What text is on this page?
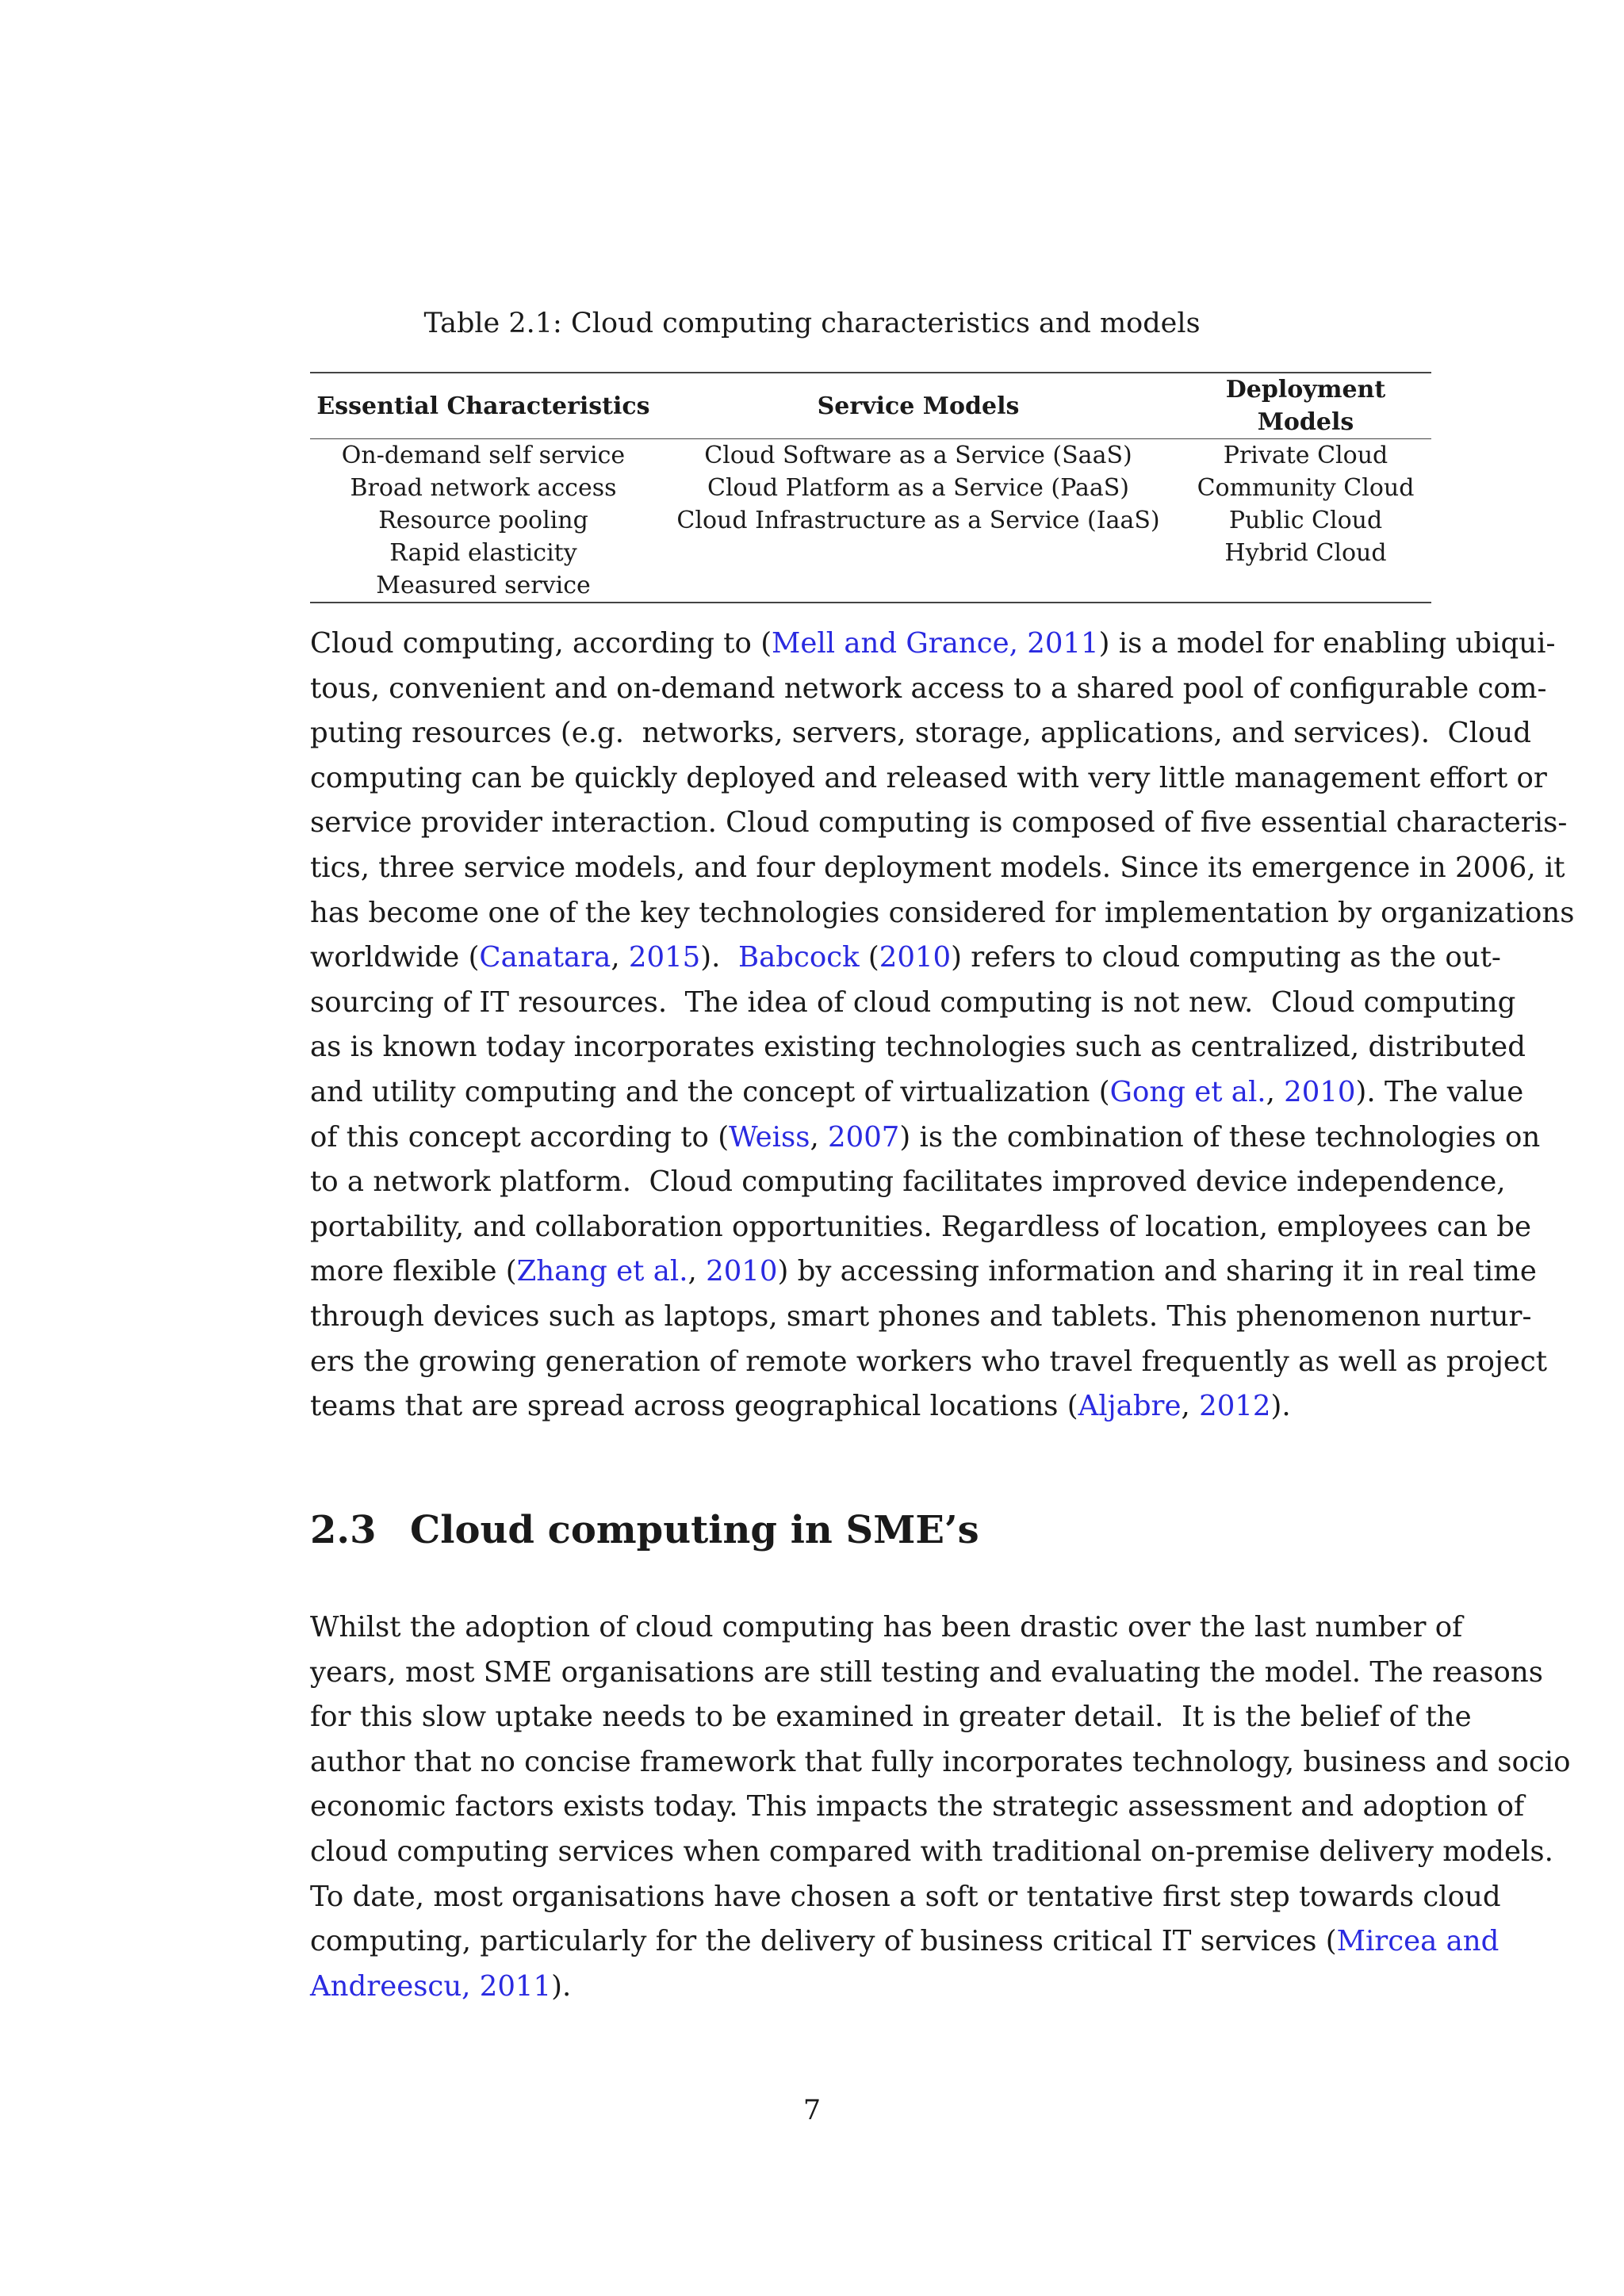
Table 2.1: Cloud computing characteristics and models
Essential Characteristics	Service Models	Deployment Models
On-demand self service	Cloud Software as a Service (SaaS)	Private Cloud
Broad network access	Cloud Platform as a Service (PaaS)	Community Cloud
Resource pooling	Cloud Infrastructure as a Service (IaaS)	Public Cloud
Rapid elasticity		Hybrid Cloud
Measured service		
Cloud computing, according to (Mell and Grance, 2011) is a model for enabling ubiqui-
tous, convenient and on-demand network access to a shared pool of configurable com-
puting resources (e.g.  networks, servers, storage, applications, and services).  Cloud
computing can be quickly deployed and released with very little management effort or
service provider interaction. Cloud computing is composed of five essential characteris-
tics, three service models, and four deployment models. Since its emergence in 2006, it
has become one of the key technologies considered for implementation by organizations
worldwide (Canatara, 2015).  Babcock (2010) refers to cloud computing as the out-
sourcing of IT resources.  The idea of cloud computing is not new.  Cloud computing
as is known today incorporates existing technologies such as centralized, distributed
and utility computing and the concept of virtualization (Gong et al., 2010). The value
of this concept according to (Weiss, 2007) is the combination of these technologies on
to a network platform.  Cloud computing facilitates improved device independence,
portability, and collaboration opportunities. Regardless of location, employees can be
more flexible (Zhang et al., 2010) by accessing information and sharing it in real time
through devices such as laptops, smart phones and tablets. This phenomenon nurtur-
ers the growing generation of remote workers who travel frequently as well as project
teams that are spread across geographical locations (Aljabre, 2012).
2.3 Cloud computing in SME’s
Whilst the adoption of cloud computing has been drastic over the last number of
years, most SME organisations are still testing and evaluating the model. The reasons
for this slow uptake needs to be examined in greater detail.  It is the belief of the
author that no concise framework that fully incorporates technology, business and socio
economic factors exists today. This impacts the strategic assessment and adoption of
cloud computing services when compared with traditional on-premise delivery models.
To date, most organisations have chosen a soft or tentative first step towards cloud
computing, particularly for the delivery of business critical IT services (Mircea and
Andreescu, 2011).
7
